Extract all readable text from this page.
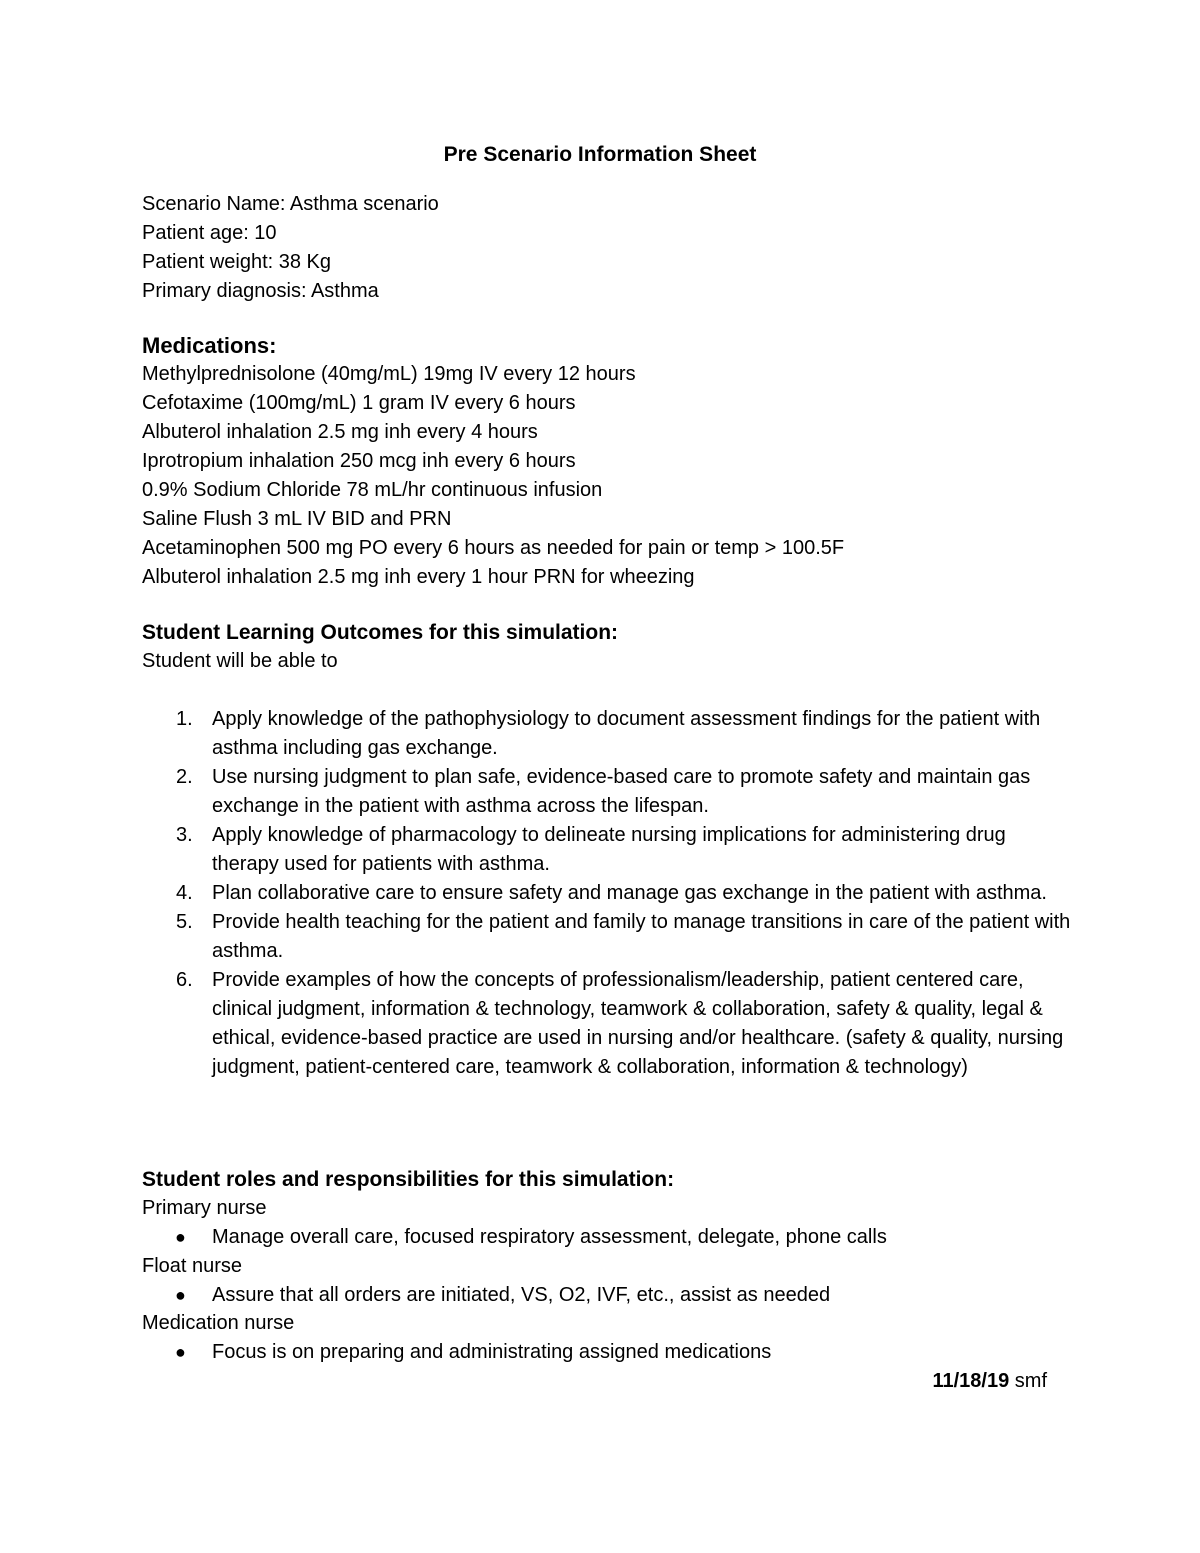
Pre Scenario Information Sheet
Scenario Name: Asthma scenario
Patient age: 10
Patient weight: 38 Kg
Primary diagnosis: Asthma
Medications:
Methylprednisolone (40mg/mL) 19mg IV every 12 hours
Cefotaxime (100mg/mL) 1 gram IV every 6 hours
Albuterol inhalation 2.5 mg inh every 4 hours
Iprotropium inhalation 250 mcg inh every 6 hours
0.9% Sodium Chloride 78 mL/hr continuous infusion
Saline Flush 3 mL IV BID and PRN
Acetaminophen 500 mg PO every 6 hours as needed for pain or temp > 100.5F
Albuterol inhalation 2.5 mg inh every 1 hour PRN for wheezing
Student Learning Outcomes for this simulation:
Student will be able to
1. Apply knowledge of the pathophysiology to document assessment findings for the patient with asthma including gas exchange.
2. Use nursing judgment to plan safe, evidence-based care to promote safety and maintain gas exchange in the patient with asthma across the lifespan.
3. Apply knowledge of pharmacology to delineate nursing implications for administering drug therapy used for patients with asthma.
4. Plan collaborative care to ensure safety and manage gas exchange in the patient with asthma.
5. Provide health teaching for the patient and family to manage transitions in care of the patient with asthma.
6. Provide examples of how the concepts of professionalism/leadership, patient centered care, clinical judgment, information & technology, teamwork & collaboration, safety & quality, legal & ethical, evidence-based practice are used in nursing and/or healthcare. (safety & quality, nursing judgment, patient-centered care, teamwork & collaboration, information & technology)
Student roles and responsibilities for this simulation:
Primary nurse
● Manage overall care, focused respiratory assessment, delegate, phone calls
Float nurse
● Assure that all orders are initiated, VS, O2, IVF, etc., assist as needed
Medication nurse
● Focus is on preparing and administrating assigned medications
11/18/19 smf
